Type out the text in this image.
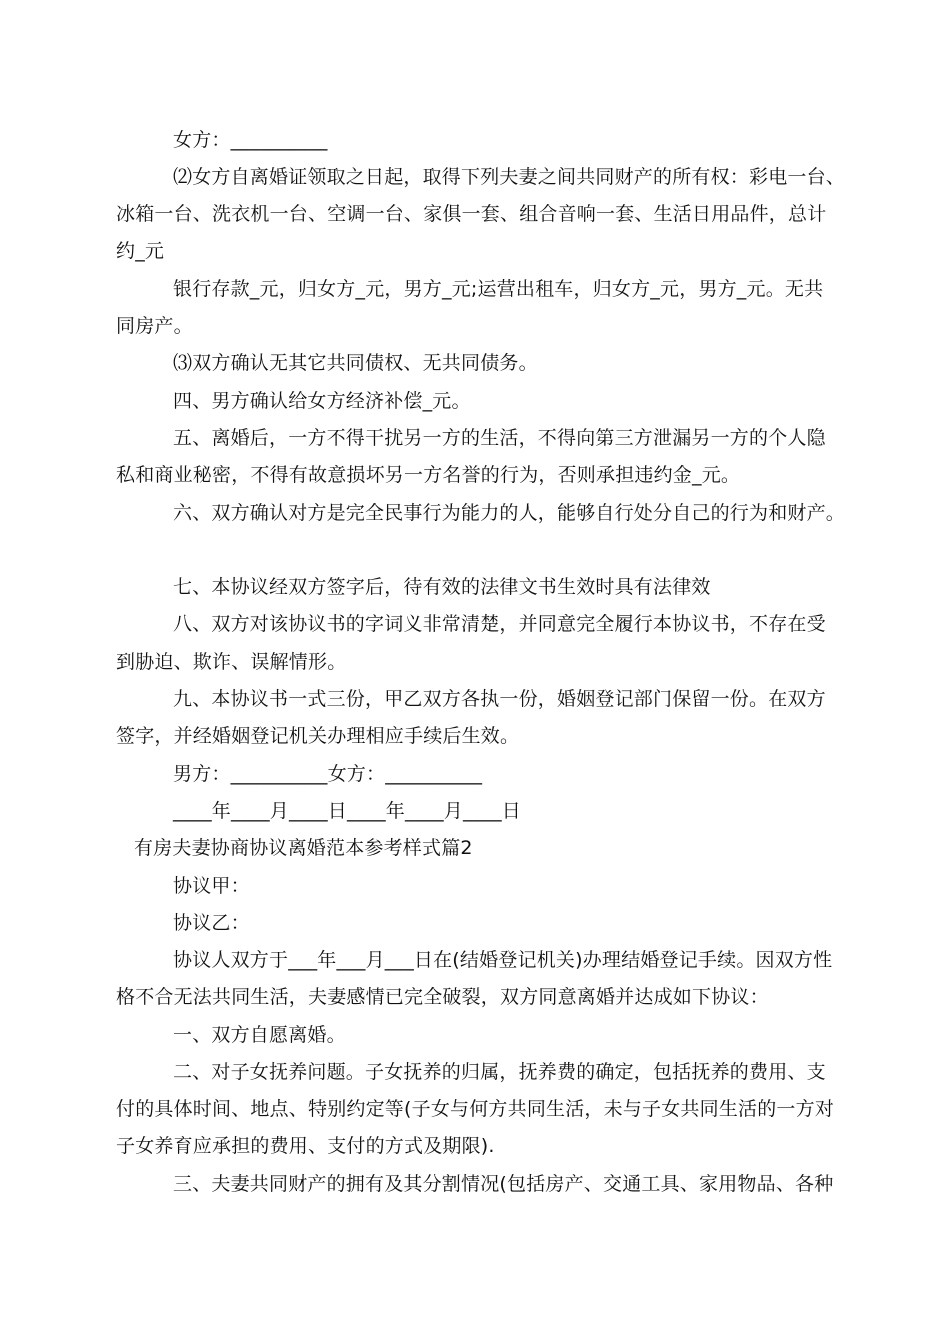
女方：__________
⑵女方自离婚证领取之日起，取得下列夫妻之间共同财产的所有权：彩电一台、
冰箱一台、洗衣机一台、空调一台、家俱一套、组合音响一套、生活日用品件，总计
约_元
银行存款_元，归女方_元，男方_元;运营出租车，归女方_元，男方_元。无共
同房产。
⑶双方确认无其它共同债权、无共同债务。
四、男方确认给女方经济补偿_元。
五、离婚后，一方不得干扰另一方的生活，不得向第三方泄漏另一方的个人隐
私和商业秘密，不得有故意损坏另一方名誉的行为，否则承担违约金_元。
六、双方确认对方是完全民事行为能力的人，能够自行处分自己的行为和财产。
七、本协议经双方签字后，待有效的法律文书生效时具有法律效
八、双方对该协议书的字词义非常清楚，并同意完全履行本协议书，不存在受
到胁迫、欺诈、误解情形。
九、本协议书一式三份，甲乙双方各执一份，婚姻登记部门保留一份。在双方
签字，并经婚姻登记机关办理相应手续后生效。
男方：__________女方：__________
____年____月____日____年____月____日
有房夫妻协商协议离婚范本参考样式篇2
协议甲：
协议乙：
协议人双方于___年___月___日在(结婚登记机关)办理结婚登记手续。因双方性
格不合无法共同生活，夫妻感情已完全破裂，双方同意离婚并达成如下协议：
一、双方自愿离婚。
二、对子女抚养问题。子女抚养的归属，抚养费的确定，包括抚养的费用、支
付的具体时间、地点、特别约定等(子女与何方共同生活，未与子女共同生活的一方对
子女养育应承担的费用、支付的方式及期限).
三、夫妻共同财产的拥有及其分割情况(包括房产、交通工具、家用物品、各种
